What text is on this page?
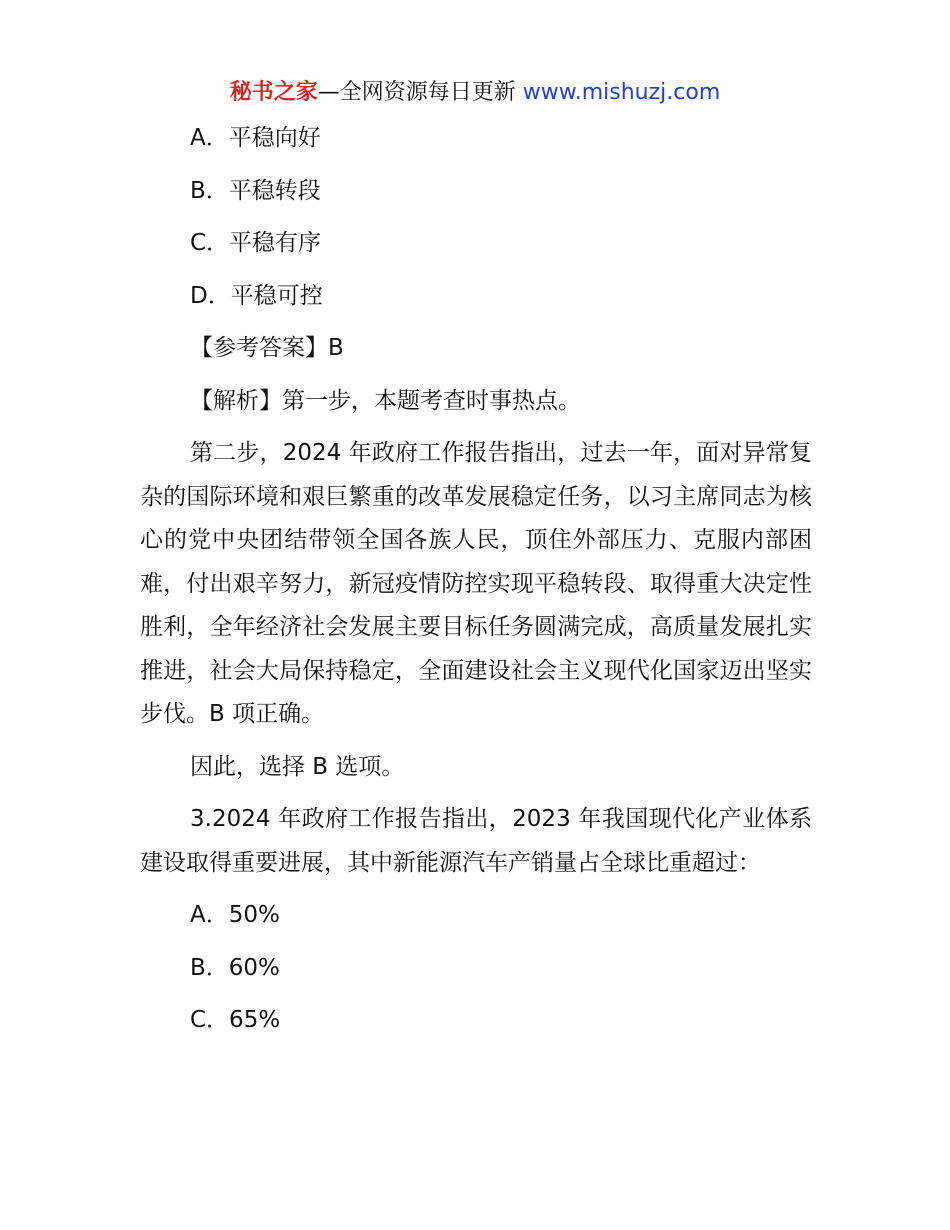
秘书之家—全网资源每日更新 www.mishuzj.com

A．平稳向好

B．平稳转段

C．平稳有序

D．平稳可控

【参考答案】B

【解析】第一步，本题考查时事热点。

第二步，2024 年政府工作报告指出，过去一年，面对异常复杂的国际环境和艰巨繁重的改革发展稳定任务，以习主席同志为核心的党中央团结带领全国各族人民，顶住外部压力、克服内部困难，付出艰辛努力，新冠疫情防控实现平稳转段、取得重大决定性胜利，全年经济社会发展主要目标任务圆满完成，高质量发展扎实推进，社会大局保持稳定，全面建设社会主义现代化国家迈出坚实步伐。B 项正确。

因此，选择 B 选项。

3.2024 年政府工作报告指出，2023 年我国现代化产业体系建设取得重要进展，其中新能源汽车产销量占全球比重超过：

A．50%

B．60%

C．65%
